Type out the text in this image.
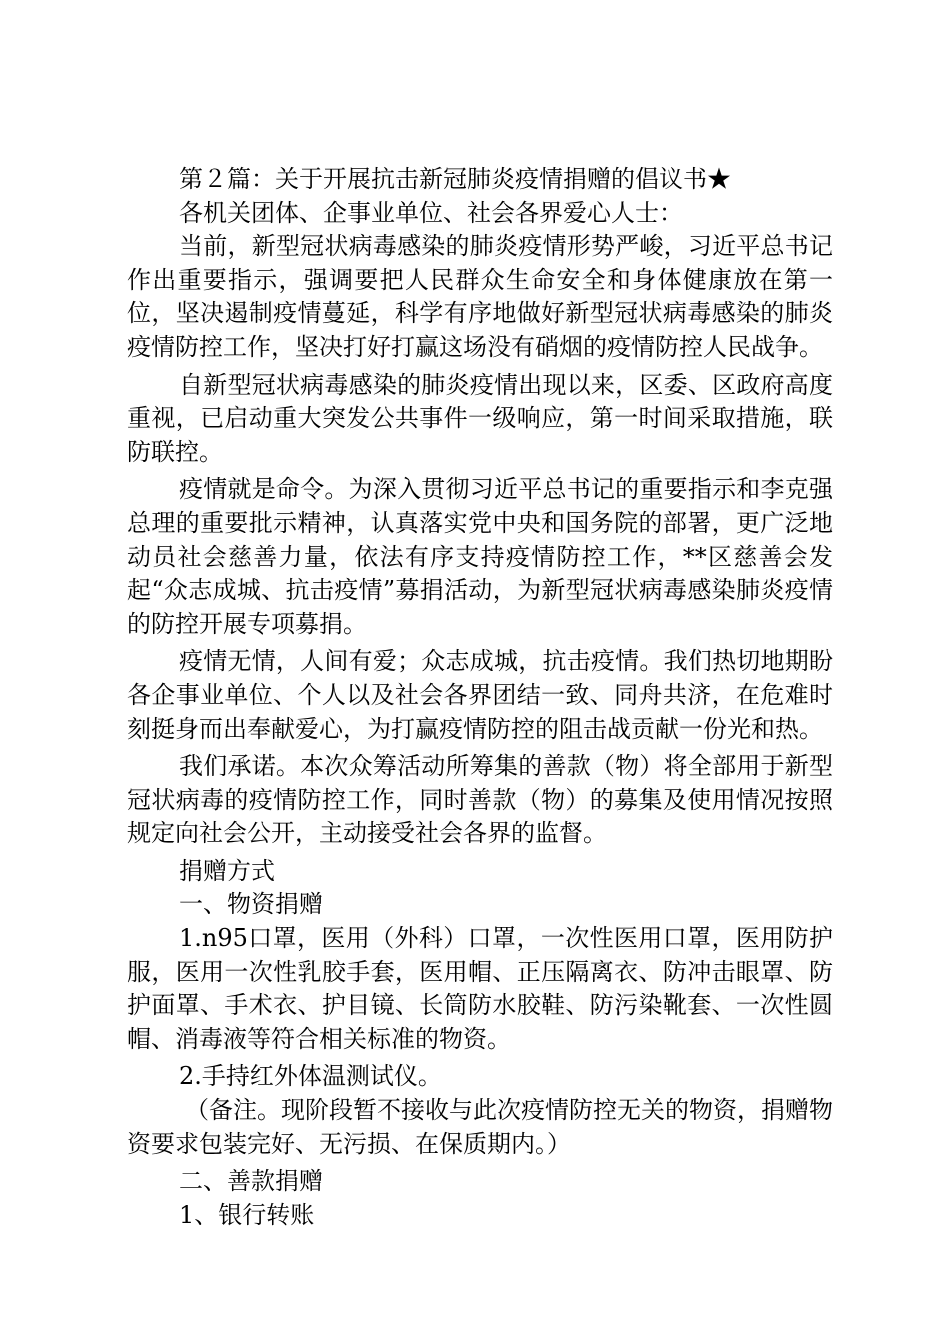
第２篇：关于开展抗击新冠肺炎疫情捐赠的倡议书★

各机关团体、企事业单位、社会各界爱心人士：

当前，新型冠状病毒感染的肺炎疫情形势严峻，习近平总书记作出重要指示，强调要把人民群众生命安全和身体健康放在第一位，坚决遏制疫情蔓延，科学有序地做好新型冠状病毒感染的肺炎疫情防控工作，坚决打好打赢这场没有硝烟的疫情防控人民战争。

自新型冠状病毒感染的肺炎疫情出现以来，区委、区政府高度重视，已启动重大突发公共事件一级响应，第一时间采取措施，联防联控。

疫情就是命令。为深入贯彻习近平总书记的重要指示和李克强总理的重要批示精神，认真落实党中央和国务院的部署，更广泛地动员社会慈善力量，依法有序支持疫情防控工作，**区慈善会发起“众志成城、抗击疫情”募捐活动，为新型冠状病毒感染肺炎疫情的防控开展专项募捐。

疫情无情，人间有爱；众志成城，抗击疫情。我们热切地期盼各企事业单位、个人以及社会各界团结一致、同舟共济，在危难时刻挺身而出奉献爱心，为打赢疫情防控的阻击战贡献一份光和热。

我们承诺。本次众筹活动所筹集的善款（物）将全部用于新型冠状病毒的疫情防控工作，同时善款（物）的募集及使用情况按照规定向社会公开，主动接受社会各界的监督。

捐赠方式

一、物资捐赠

1.n95口罩，医用（外科）口罩，一次性医用口罩，医用防护服，医用一次性乳胶手套，医用帽、正压隔离衣、防冲击眼罩、防护面罩、手术衣、护目镜、长筒防水胶鞋、防污染靴套、一次性圆帽、消毒液等符合相关标准的物资。

2.手持红外体温测试仪。

（备注。现阶段暂不接收与此次疫情防控无关的物资，捐赠物资要求包装完好、无污损、在保质期内。）

二、善款捐赠

1、银行转账
